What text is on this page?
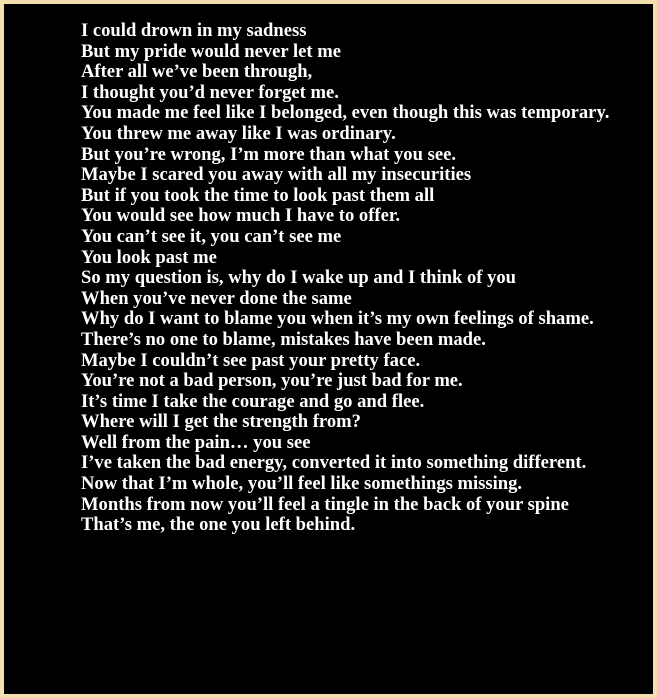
I could drown in my sadness
But my pride would never let me
After all we’ve been through,
I thought you’d never forget me.
You made me feel like I belonged, even though this was temporary.
You threw me away like I was ordinary.
But you’re wrong, I’m more than what you see.
Maybe I scared you away with all my insecurities
But if you took the time to look past them all
You would see how much I have to offer.
You can’t see it, you can’t see me
You look past me
So my question is, why do I wake up and I think of you
When you’ve never done the same
Why do I want to blame you when it’s my own feelings of shame.
There’s no one to blame, mistakes have been made.
Maybe I couldn’t see past your pretty face.
You’re not a bad person, you’re just bad for me.
It’s time I take the courage and go and flee.
Where will I get the strength from?
Well from the pain… you see
I’ve taken the bad energy, converted it into something different.
Now that I’m whole, you’ll feel like somethings missing.
Months from now you’ll feel a tingle in the back of your spine
That’s me, the one you left behind.
